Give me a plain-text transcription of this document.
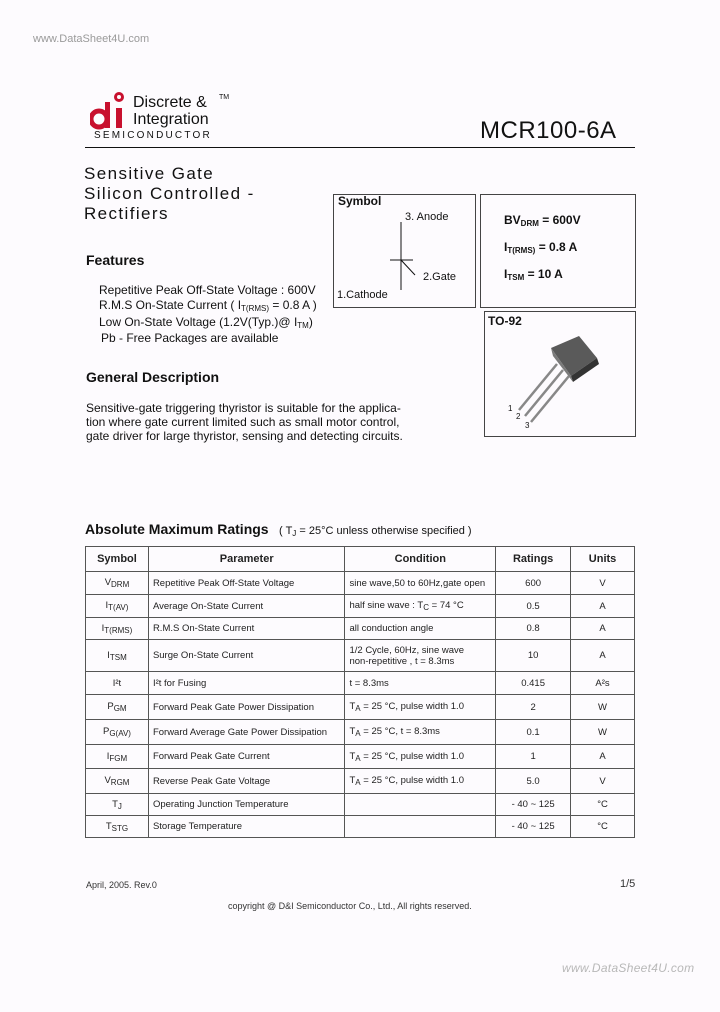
www.DataSheet4U.com
www.DataSheet4U.com
Discrete &
Integration
TM
SEMICONDUCTOR	MCR100-6A
Sensitive Gate
Silicon Controlled -
Rectifiers
Features
Repetitive Peak Off-State Voltage : 600V
R.M.S On-State Current ( $I_{T(RMS)} = 0.8$ A )
Low On-State Voltage (1.2V(Typ.)@ $I_{TM}$)
Pb - Free Packages are available
General Description
Sensitive-gate triggering thyristor is suitable for the applica-
tion where gate current limited such as small motor control,
gate driver for large thyristor, sensing and detecting circuits.
Symbol
3. Anode
2.Gate
1.Cathode
$BV_{DRM} = 600V$
$I_{T(RMS)} = 0.8$ A
$I_{TSM} = 10$ A
TO-92
1
2
3
Absolute Maximum Ratings ( $T_J = 25^\circ C$ unless otherwise specified )
Symbol	Parameter	Condition	Ratings	Units
$V_{DRM}$	Repetitive Peak Off-State Voltage	sine wave,50 to 60Hz,gate open	600	V
$I_{T(AV)}$	Average On-State Current	half sine wave : $T_C = 74$ °C	0.5	A
$I_{T(RMS)}$	R.M.S On-State Current	all conduction angle	0.8	A
$I_{TSM}$	Surge On-State Current	1/2 Cycle, 60Hz, sine wave
non-repetitive , t = 8.3ms	10	A
I²t	I²t for Fusing	t = 8.3ms	0.415	A²s
$P_{GM}$	Forward Peak Gate Power Dissipation	$T_A = 25$ °C, pulse width 1.0	2	W
$P_{G(AV)}$	Forward Average Gate Power Dissipation	$T_A = 25$ °C, t = 8.3ms	0.1	W
$I_{FGM}$	Forward Peak Gate Current	$T_A = 25$ °C, pulse width 1.0	1	A
$V_{RGM}$	Reverse Peak Gate Voltage	$T_A = 25$ °C, pulse width 1.0	5.0	V
$T_J$	Operating Junction Temperature		- 40 ~ 125	°C
$T_{STG}$	Storage Temperature		- 40 ~ 125	°C
April, 2005. Rev.0	1/5
copyright @ D&I Semiconductor Co., Ltd., All rights reserved.
